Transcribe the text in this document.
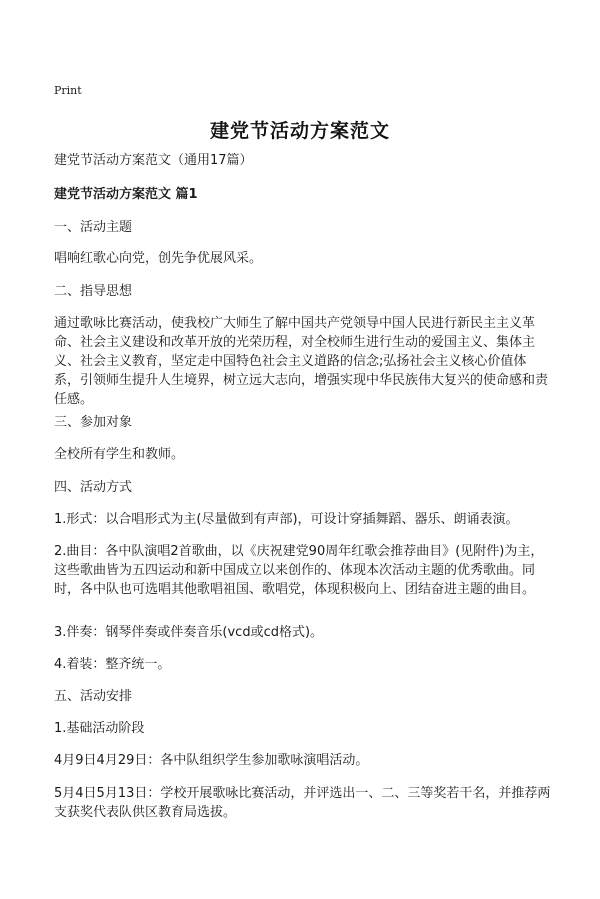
Print
建党节活动方案范文
建党节活动方案范文（通用17篇）
建党节活动方案范文 篇1
一、活动主题
唱响红歌心向党，创先争优展风采。
二、指导思想
通过歌咏比赛活动，使我校广大师生了解中国共产党领导中国人民进行新民主主义革命、社会主义建设和改革开放的光荣历程，对全校师生进行生动的爱国主义、集体主义、社会主义教育，坚定走中国特色社会主义道路的信念;弘扬社会主义核心价值体系，引领师生提升人生境界，树立远大志向，增强实现中华民族伟大复兴的使命感和责任感。
三、参加对象
全校所有学生和教师。
四、活动方式
1.形式：以合唱形式为主(尽量做到有声部)，可设计穿插舞蹈、器乐、朗诵表演。
2.曲目：各中队演唱2首歌曲，以《庆祝建党90周年红歌会推荐曲目》(见附件)为主，这些歌曲皆为五四运动和新中国成立以来创作的、体现本次活动主题的优秀歌曲。同时，各中队也可选唱其他歌唱祖国、歌唱党，体现积极向上、团结奋进主题的曲目。
3.伴奏：钢琴伴奏或伴奏音乐(vcd或cd格式)。
4.着装：整齐统一。
五、活动安排
1.基础活动阶段
4月9日4月29日：各中队组织学生参加歌咏演唱活动。
5月4日5月13日：学校开展歌咏比赛活动，并评选出一、二、三等奖若干名，并推荐两支获奖代表队供区教育局选拔。
